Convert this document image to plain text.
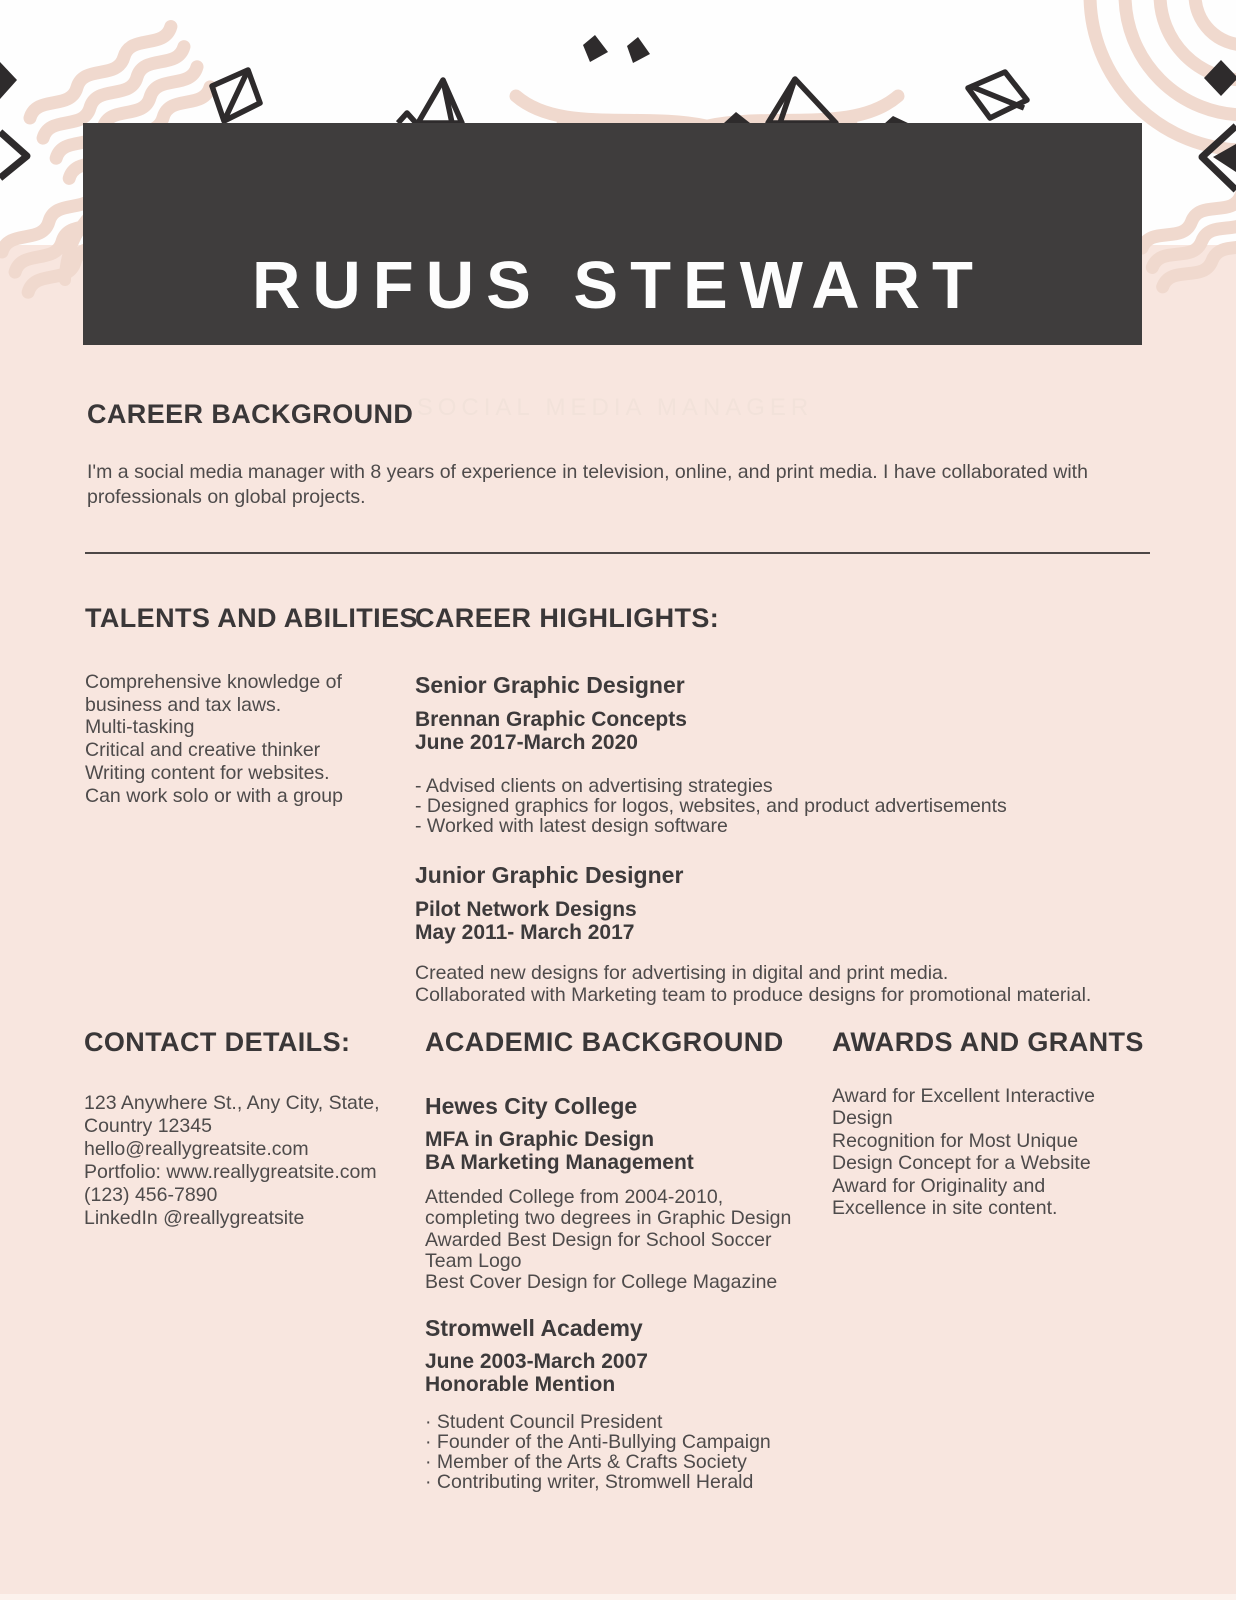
RUFUS STEWART
SOCIAL MEDIA MANAGER
CAREER BACKGROUND

I'm a social media manager with 8 years of experience in television, online, and print media. I have collaborated with professionals on global projects.

TALENTS AND ABILITIES
Comprehensive knowledge of business and tax laws.
Multi-tasking
Critical and creative thinker
Writing content for websites.
Can work solo or with a group
CAREER HIGHLIGHTS:
Senior Graphic Designer
Brennan Graphic Concepts
June 2017-March 2020
- Advised clients on advertising strategies
- Designed graphics for logos, websites, and product advertisements
- Worked with latest design software
Junior Graphic Designer
Pilot Network Designs
May 2011- March 2017
Created new designs for advertising in digital and print media.
Collaborated with Marketing team to produce designs for promotional material.
CONTACT DETAILS:
123 Anywhere St., Any City, State,
Country 12345
hello@reallygreatsite.com
Portfolio: www.reallygreatsite.com
(123) 456-7890
LinkedIn @reallygreatsite
ACADEMIC BACKGROUND
Hewes City College
MFA in Graphic Design
BA Marketing Management
Attended College from 2004-2010,
completing two degrees in Graphic Design
Awarded Best Design for School Soccer
Team Logo
Best Cover Design for College Magazine
Stromwell Academy
June 2003-March 2007
Honorable Mention
· Student Council President
· Founder of the Anti-Bullying Campaign
· Member of the Arts & Crafts Society
· Contributing writer, Stromwell Herald
AWARDS AND GRANTS
Award for Excellent Interactive
Design
Recognition for Most Unique
Design Concept for a Website
Award for Originality and
Excellence in site content.
